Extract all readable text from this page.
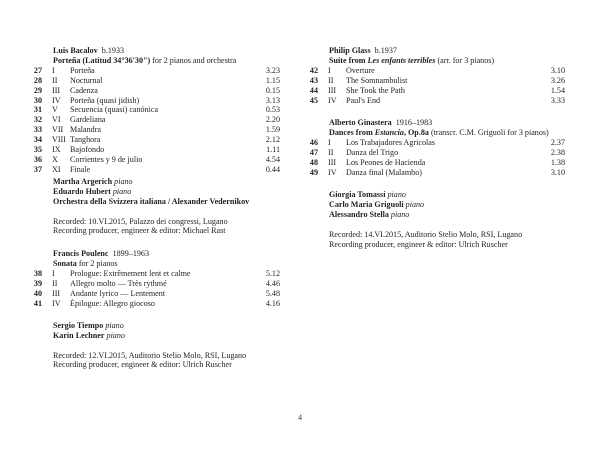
Luis Bacalov  b.1933
Porteña (Latitud 34°36'30") for 2 pianos and orchestra
27	I	Porteña	3.23
28	II	Nocturnal	1.15
29	III	Cadenza	0.15
30	IV	Porteña (quasi jidish)	3.13
31	V	Secuencia (quasi) canónica	0.53
32	VI	Gardeliana	2.20
33	VII Malandra	1.59
34	VIII Tanghora	2.12
35	IX	Bajofondo	1.11
36	X	Corrientes y 9 de julio	4.54
37	XI	Finale	0.44
Martha Argerich piano
Eduardo Hubert piano
Orchestra della Svizzera italiana / Alexander Vedernikov
Recorded: 10.VI.2015, Palazzo dei congressi, Lugano
Recording producer, engineer & editor: Michael Rast
Francis Poulenc  1899–1963
Sonata for 2 pianos
38	I	Prologue: Extrêmement lent et calme	5.12
39	II	Allegro molto — Très rythmé	4.46
40	III	Andante lyrico — Lentement	5.48
41	IV	Épilogue: Allegro giocoso	4.16
Sergio Tiempo piano
Karin Lechner piano
Recorded: 12.VI.2015, Auditorio Stelio Molo, RSI, Lugano
Recording producer, engineer & editor: Ulrich Ruscher
Philip Glass  b.1937
Suite from Les enfants terribles (arr. for 3 pianos)
42	I	Overture	3.10
43	II	The Somnambulist	3.26
44	III	She Took the Path	1.54
45	IV	Paul's End	3.33
Alberto Ginastera  1916–1983
Dances from Estancia, Op.8a (transcr. C.M. Griguoli for 3 pianos)
46	I	Los Trabajadores Agricolas	2.37
47	II	Danza del Trigo	2.38
48	III	Los Peones de Hacienda	1.38
49	IV	Danza final (Malambo)	3.10
Giorgia Tomassi piano
Carlo Maria Griguoli piano
Alessandro Stella piano
Recorded: 14.VI.2015, Auditorio Stelio Molo, RSI, Lugano
Recording producer, engineer & editor: Ulrich Ruscher
4
